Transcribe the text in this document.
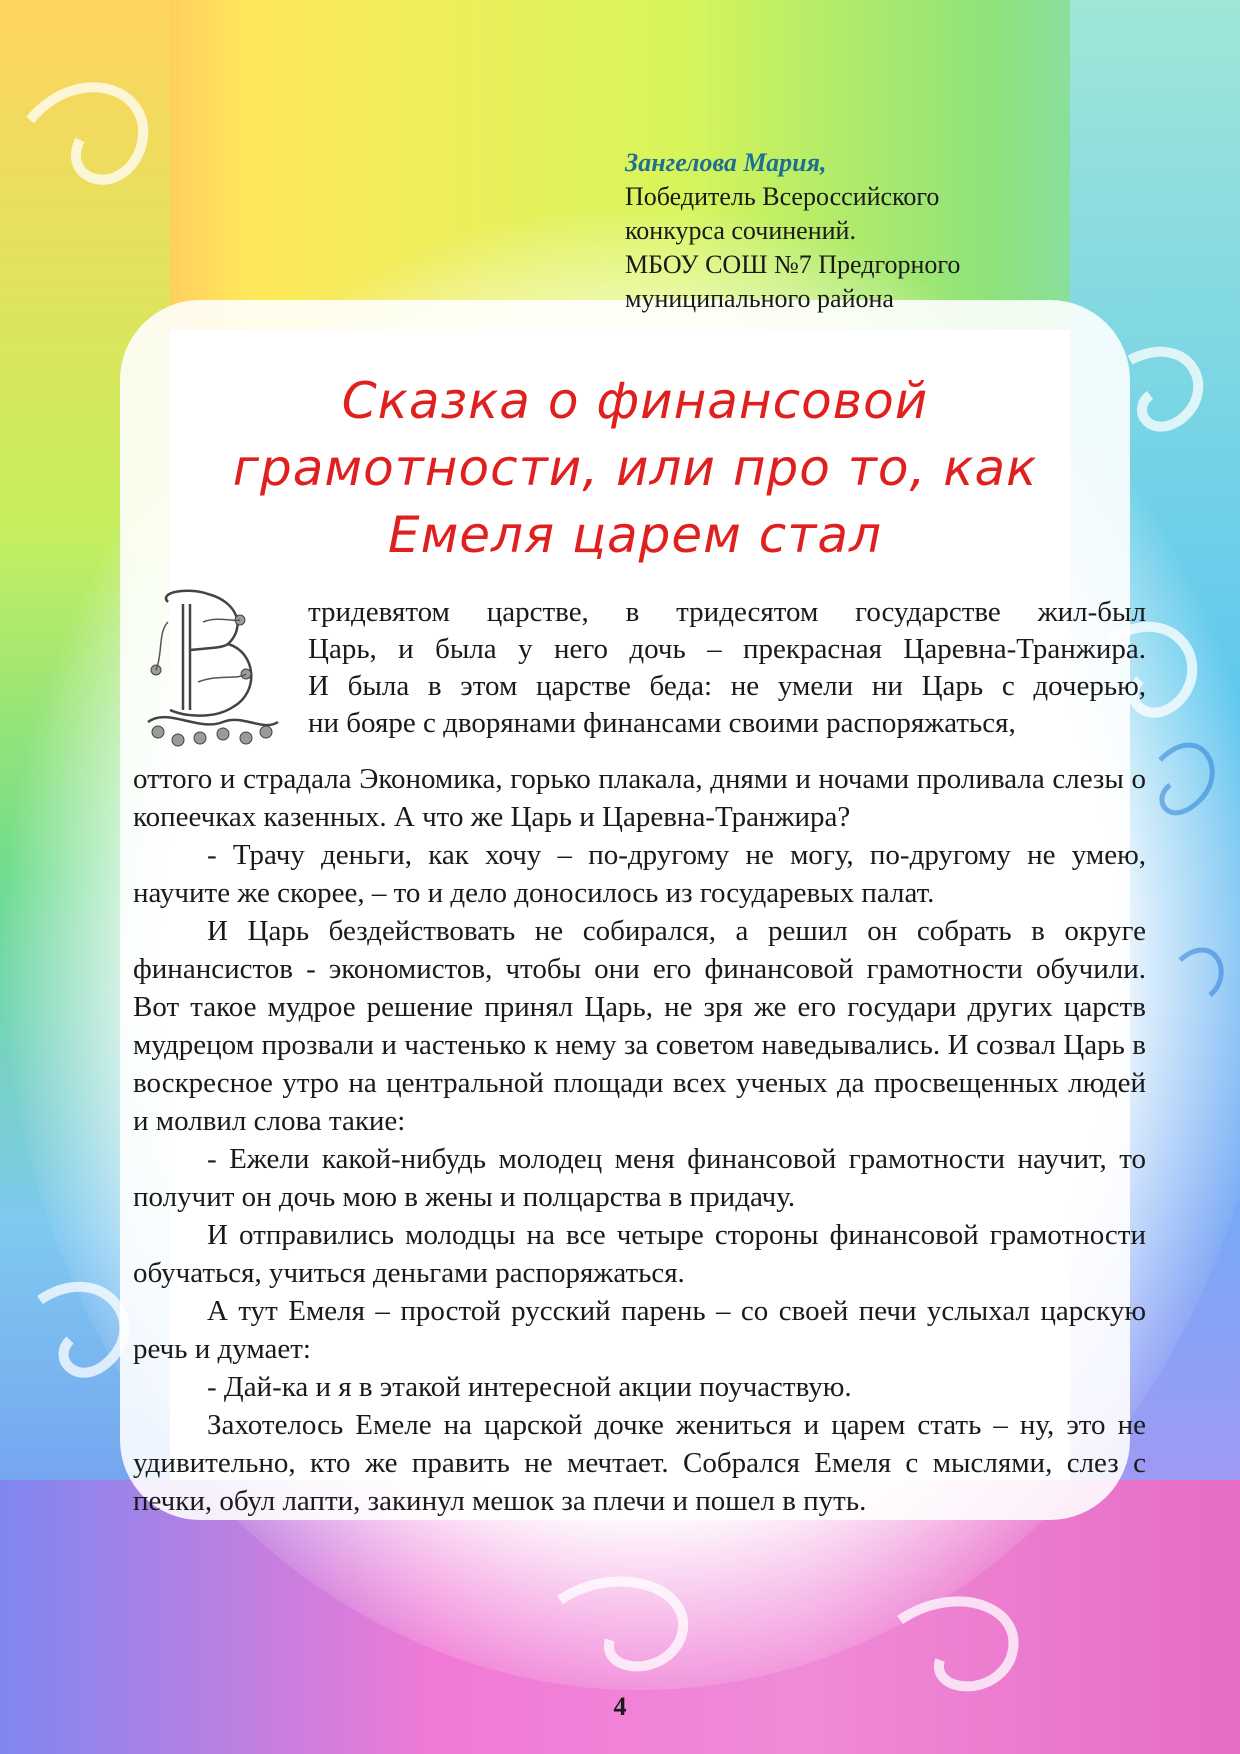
Зангелова Мария,
Победитель Всероссийского
конкурса сочинений.
МБОУ СОШ №7 Предгорного
муниципального района
Сказка о финансовой
грамотности, или про то, как
Емеля царем стал
тридевятом царстве, в тридесятом государстве жил-был
Царь, и была у него дочь – прекрасная Царевна-Транжира.
И была в этом царстве беда: не умели ни Царь с дочерью,
ни бояре с дворянами финансами своими распоряжаться,

оттого и страдала Экономика, горько плакала, днями и ночами проливала слезы о копеечках казенных. А что же Царь и Царевна-Транжира?

- Трачу деньги, как хочу – по-другому не могу, по-другому не умею, научите же скорее, – то и дело доносилось из государевых палат.

И Царь бездействовать не собирался, а решил он собрать в округе финансистов - экономистов, чтобы они его финансовой грамотности обучили. Вот такое мудрое решение принял Царь, не зря же его государи других царств мудрецом прозвали и частенько к нему за советом наведывались. И созвал Царь в воскресное утро на центральной площади всех ученых да просвещенных людей и молвил слова такие:

- Ежели какой-нибудь молодец меня финансовой грамотности научит, то получит он дочь мою в жены и полцарства в придачу.

И отправились молодцы на все четыре стороны финансовой грамотности обучаться, учиться деньгами распоряжаться.

А тут Емеля – простой русский парень – со своей печи услыхал царскую речь и думает:

- Дай-ка и я в этакой интересной акции поучаствую.

Захотелось Емеле на царской дочке жениться и царем стать – ну, это не удивительно, кто же править не мечтает. Собрался Емеля с мыслями, слез с печки, обул лапти, закинул мешок за плечи и пошел в путь.

4
